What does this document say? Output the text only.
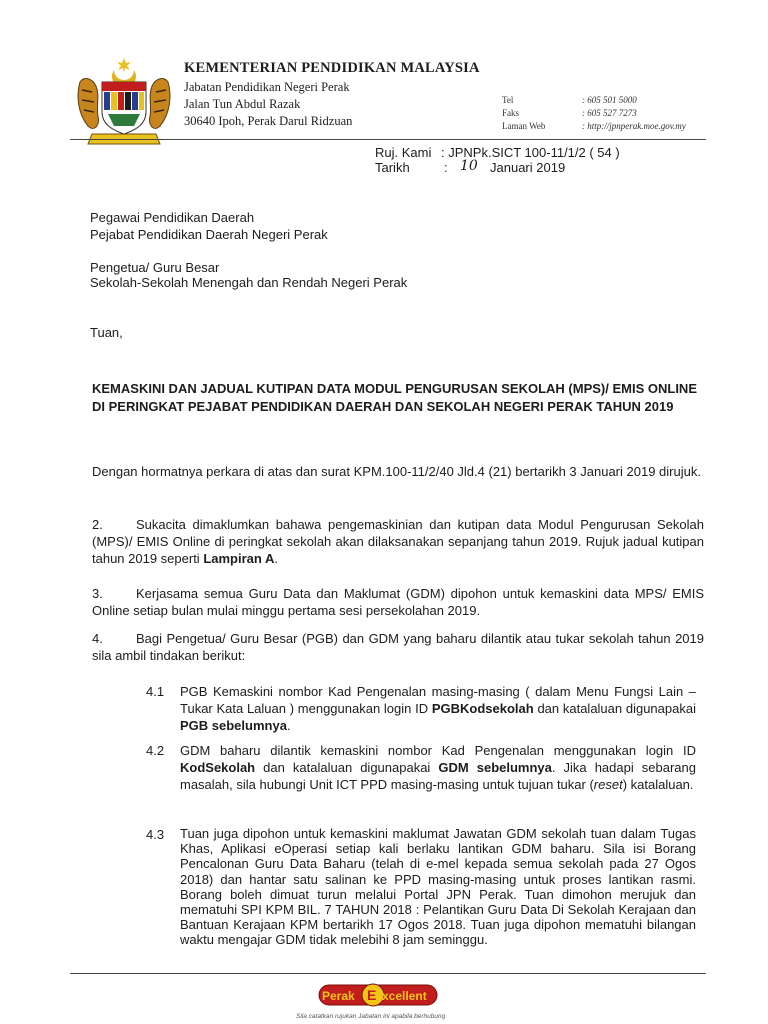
KEMENTERIAN PENDIDIKAN MALAYSIA
Jabatan Pendidikan Negeri Perak
Jalan Tun Abdul Razak
30640 Ipoh, Perak Darul Ridzuan
Tel	: 605 501 5000
Faks	: 605 527 7273
Laman Web	: http://jpnperak.moe.gov.my
Ruj. Kami : JPNPk.SICT 100-11/1/2 ( 54 )
Tarikh	: 10 Januari 2019
Pegawai Pendidikan Daerah
Pejabat Pendidikan Daerah Negeri Perak
Pengetua/ Guru Besar
Sekolah-Sekolah Menengah dan Rendah Negeri Perak
Tuan,
KEMASKINI DAN JADUAL KUTIPAN DATA MODUL PENGURUSAN SEKOLAH (MPS)/ EMIS ONLINE DI PERINGKAT PEJABAT PENDIDIKAN DAERAH DAN SEKOLAH NEGERI PERAK TAHUN 2019
Dengan hormatnya perkara di atas dan surat KPM.100-11/2/40 Jld.4 (21) bertarikh 3 Januari 2019 dirujuk.
2.	Sukacita dimaklumkan bahawa pengemaskinian dan kutipan data Modul Pengurusan Sekolah (MPS)/ EMIS Online di peringkat sekolah akan dilaksanakan sepanjang tahun 2019. Rujuk jadual kutipan tahun 2019 seperti Lampiran A.
3.	Kerjasama semua Guru Data dan Maklumat (GDM) dipohon untuk kemaskini data MPS/ EMIS Online setiap bulan mulai minggu pertama sesi persekolahan 2019.
4.	Bagi Pengetua/ Guru Besar (PGB) dan GDM yang baharu dilantik atau tukar sekolah tahun 2019 sila ambil tindakan berikut:
4.1 PGB Kemaskini nombor Kad Pengenalan masing-masing ( dalam Menu Fungsi Lain – Tukar Kata Laluan ) menggunakan login ID PGBKodsekolah dan katalaluan digunapakai PGB sebelumnya.
4.2 GDM baharu dilantik kemaskini nombor Kad Pengenalan menggunakan login ID KodSekolah dan katalaluan digunapakai GDM sebelumnya. Jika hadapi sebarang masalah, sila hubungi Unit ICT PPD masing-masing untuk tujuan tukar (reset) katalaluan.
4.3 Tuan juga dipohon untuk kemaskini maklumat Jawatan GDM sekolah tuan dalam Tugas Khas, Aplikasi eOperasi setiap kali berlaku lantikan GDM baharu. Sila isi Borang Pencalonan Guru Data Baharu (telah di e-mel kepada semua sekolah pada 27 Ogos 2018) dan hantar satu salinan ke PPD masing-masing untuk proses lantikan rasmi. Borang boleh dimuat turun melalui Portal JPN Perak. Tuan dimohon merujuk dan mematuhi SPI KPM BIL. 7 TAHUN 2018 : Pelantikan Guru Data Di Sekolah Kerajaan dan Bantuan Kerajaan KPM bertarikh 17 Ogos 2018. Tuan juga dipohon mematuhi bilangan waktu mengajar GDM tidak melebihi 8 jam seminggu.
Perak E xcellent
Sila catatkan rujukan Jabatan ini apabila berhubung
